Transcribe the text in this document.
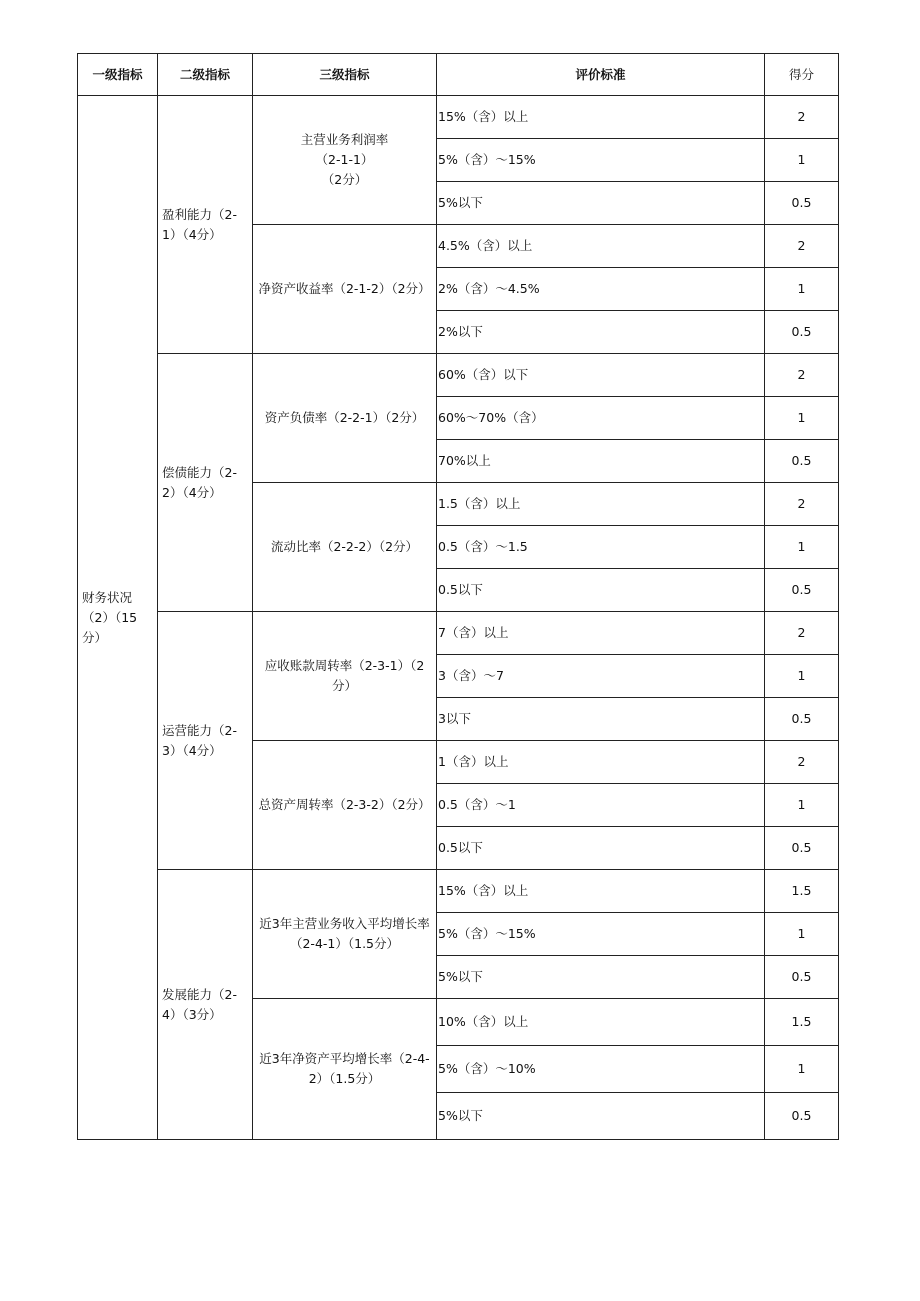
一级指标	二级指标	三级指标	评价标准	得分
财务状况（2）（15分）	盈利能力（2-1）（4分）	主营业务利润率
（2-1-1）
（2分）	15%（含）以上	2
			5%（含）～15%	1
			5%以下	0.5

		净资产收益率（2-1-2）（2分）	4.5%（含）以上	2
			2%（含）～4.5%	1
			2%以下	0.5
	偿债能力（2-2）（4分）	资产负债率（2-2-1）（2分）	60%（含）以下	2
			60%～70%（含）	1
			70%以上	0.5

		流动比率（2-2-2）（2分）	1.5（含）以上	2
			0.5（含）～1.5	1
			0.5以下	0.5
	运营能力（2-3）（4分）	应收账款周转率（2-3-1）（2分）	7（含）以上	2
			3（含）～7	1
			3以下	0.5

		总资产周转率（2-3-2）（2分）	1（含）以上	2
			0.5（含）～1	1
			0.5以下	0.5
	发展能力（2-4）（3分）	近3年主营业务收入平均增长率（2-4-1）（1.5分）	15%（含）以上	1.5
			5%（含）～15%	1
			5%以下	0.5

		近3年净资产平均增长率（2-4-2）（1.5分）	10%（含）以上	1.5
			5%（含）～10%	1
			5%以下	0.5
